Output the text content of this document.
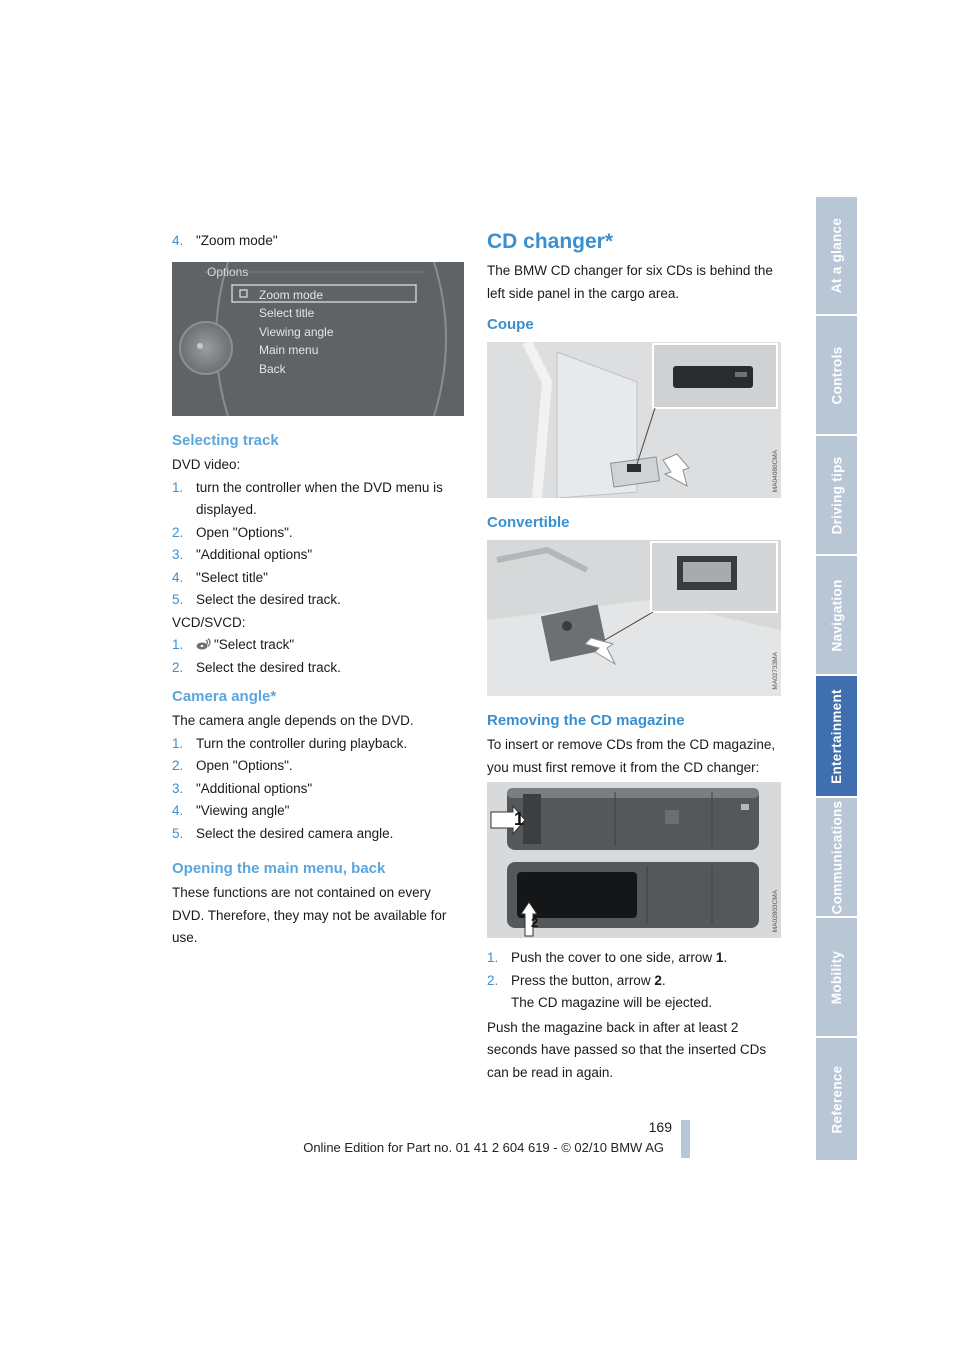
4. "Zoom mode"
Options
Zoom mode
Select title
Viewing angle
Main menu
Back
Selecting track
DVD video:
1. turn the controller when the DVD menu is displayed.
2. Open "Options".
3. "Additional options"
4. "Select title"
5. Select the desired track.
VCD/SVCD:
1.	"Select track"
2. Select the desired track.
Camera angle*
The camera angle depends on the DVD.
1. Turn the controller during playback.
2. Open "Options".
3. "Additional options"
4. "Viewing angle"
5. Select the desired camera angle.
Opening the main menu, back
These functions are not contained on every DVD. Therefore, they may not be available for use.
CD changer*
The BMW CD changer for six CDs is behind the left side panel in the cargo area.
Coupe
MA04080CMA
Convertible
MA02733MA
Removing the CD magazine
To insert or remove CDs from the CD magazine, you must first remove it from the CD changer:
1
2	MA02803CMA
1. Push the cover to one side, arrow 1.
2. Press the button, arrow 2.
The CD magazine will be ejected.
Push the magazine back in after at least 2 seconds have passed so that the inserted CDs can be read in again.
At a glance
Controls
Driving tips
Navigation
Entertainment
Communications
Mobility
Reference
169
Online Edition for Part no. 01 41 2 604 619 - © 02/10 BMW AG
